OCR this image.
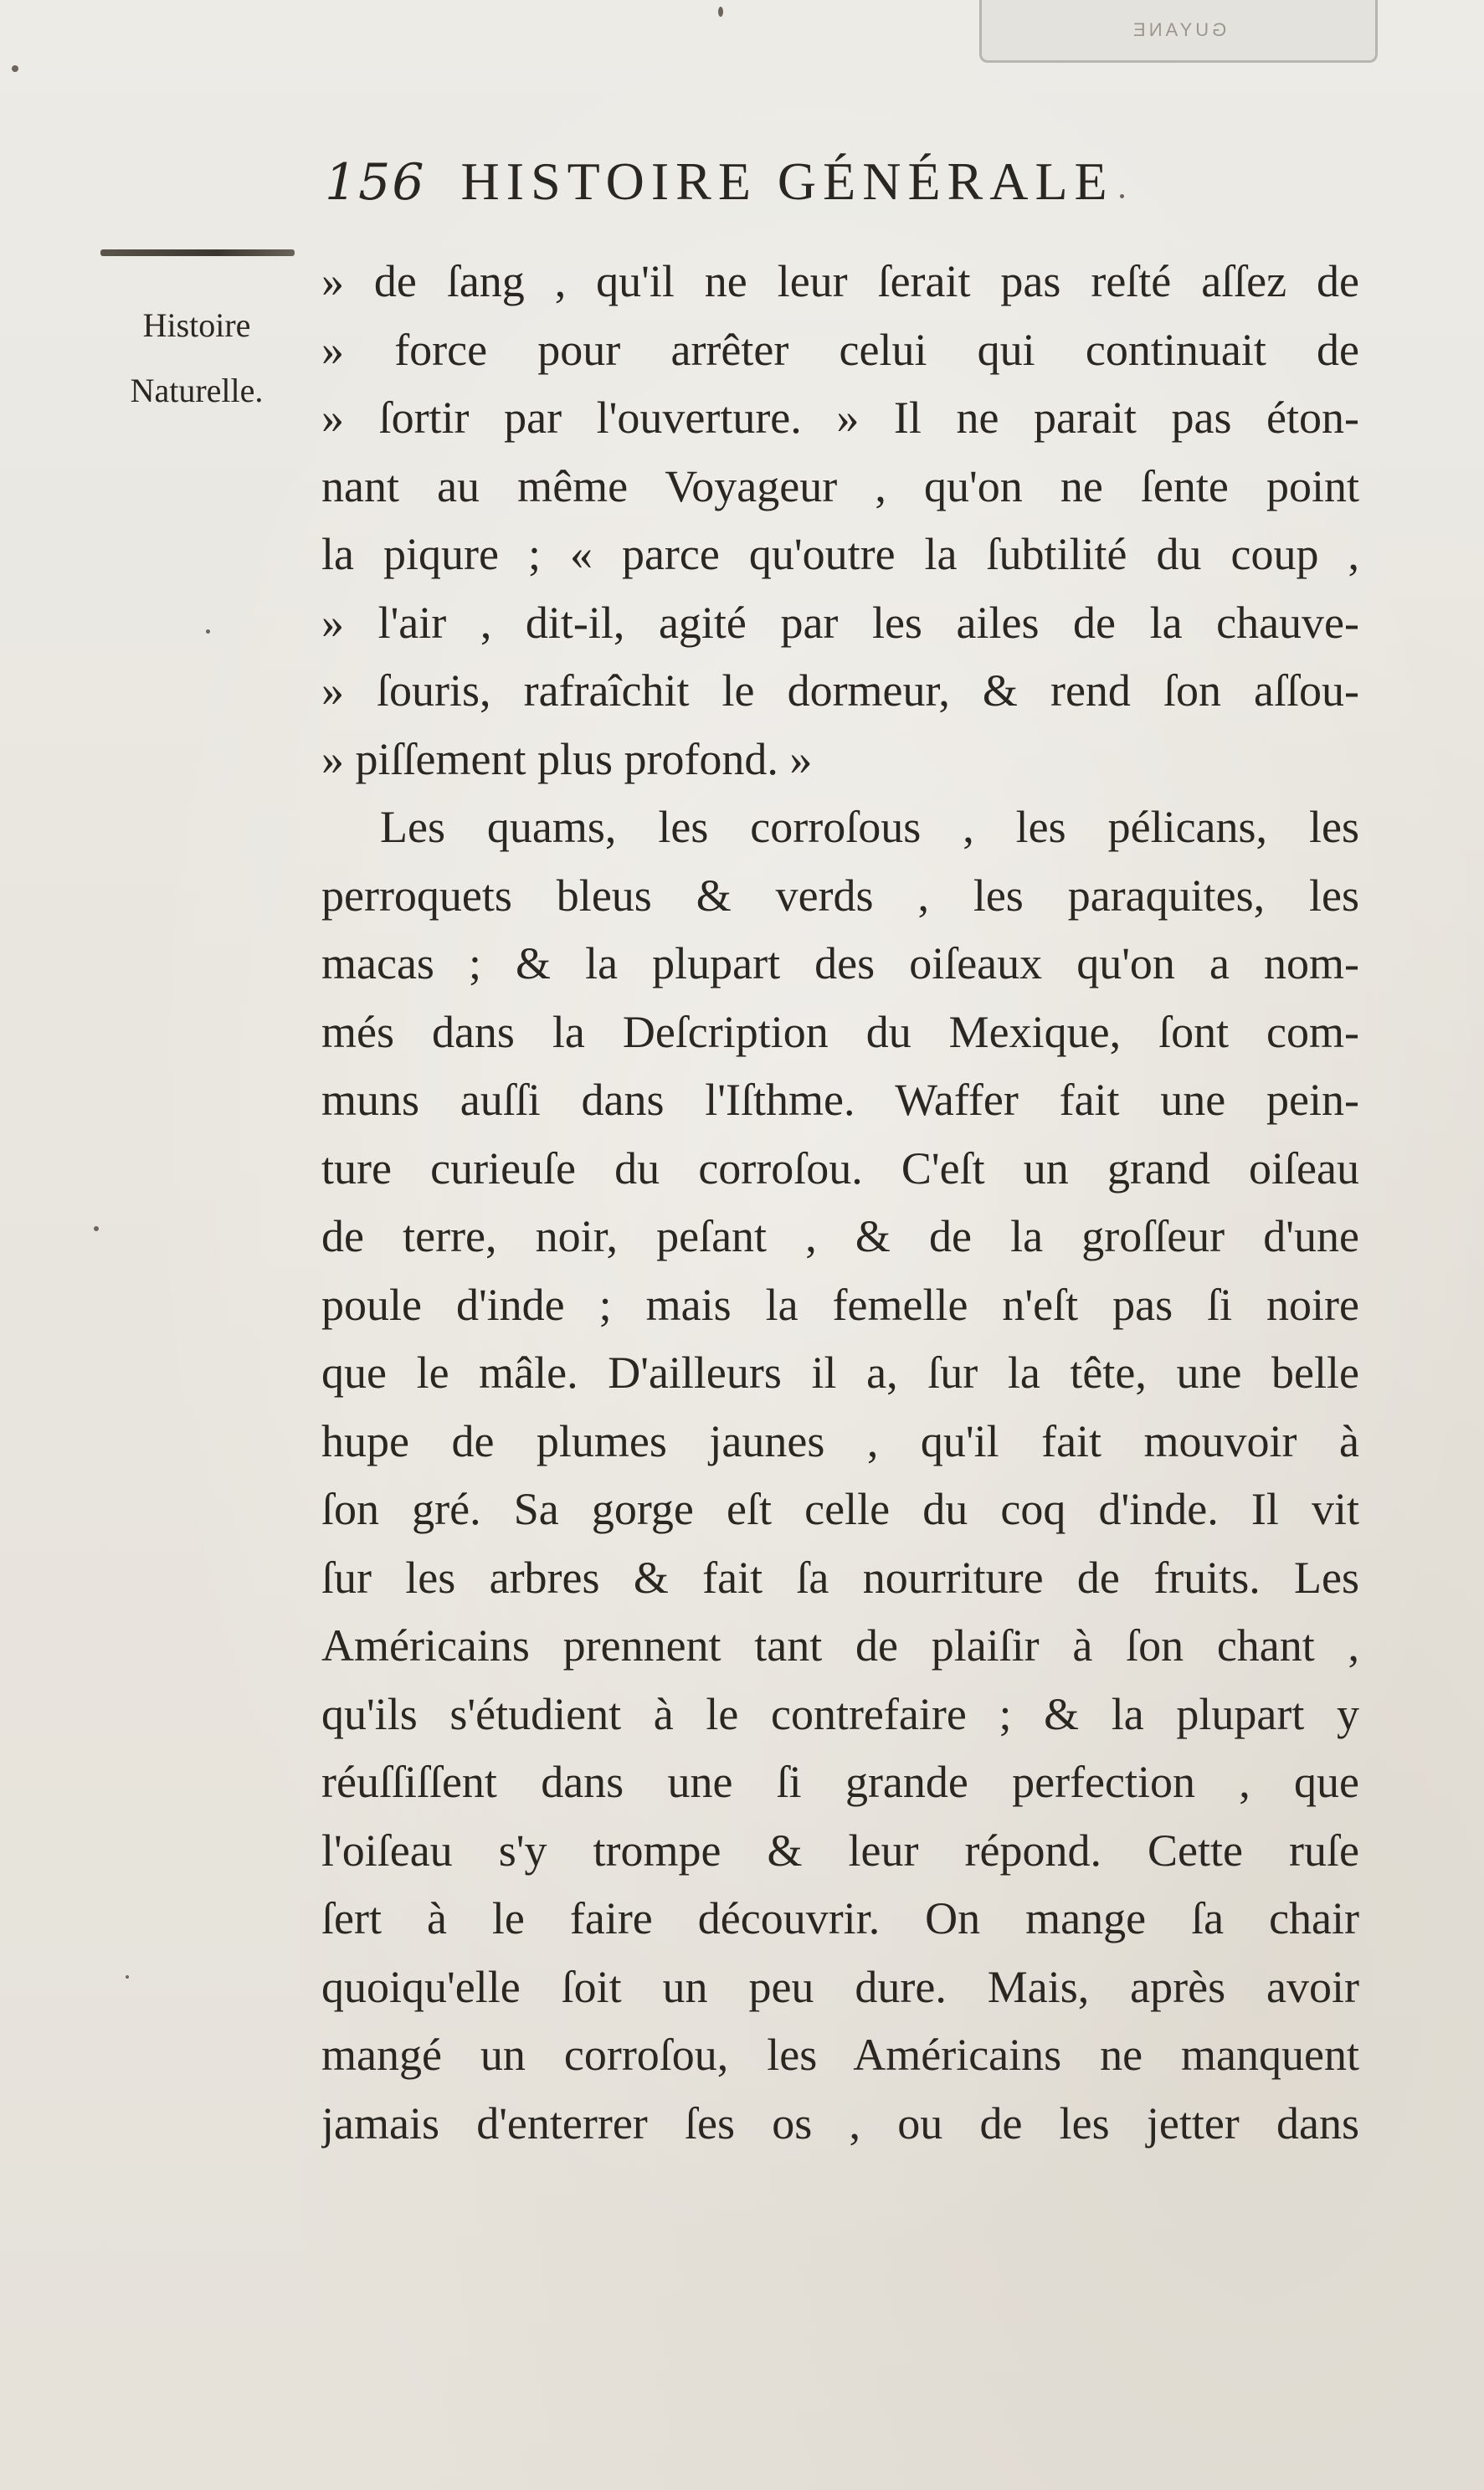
GUYANE
156 HISTOIRE GÉNÉRALE
Histoire
Naturelle.
» de ſang , qu'il ne leur ſerait pas reſté aſſez de
» force pour arrêter celui qui continuait de
» ſortir par l'ouverture. » Il ne parait pas éton-
nant au même Voyageur , qu'on ne ſente point
la piqure ; « parce qu'outre la ſubtilité du coup ,
» l'air , dit-il, agité par les ailes de la chauve-
» ſouris, rafraîchit le dormeur, & rend ſon aſſou-
» piſſement plus profond. »
Les quams, les corroſous , les pélicans, les
perroquets bleus & verds , les paraquites, les
macas ; & la plupart des oiſeaux qu'on a nom-
més dans la Deſcription du Mexique, ſont com-
muns auſſi dans l'Iſthme. Waffer fait une pein-
ture curieuſe du corroſou. C'eſt un grand oiſeau
de terre, noir, peſant , & de la groſſeur d'une
poule d'inde ; mais la femelle n'eſt pas ſi noire
que le mâle. D'ailleurs il a, ſur la tête, une belle
hupe de plumes jaunes , qu'il fait mouvoir à
ſon gré. Sa gorge eſt celle du coq d'inde. Il vit
ſur les arbres & fait ſa nourriture de fruits. Les
Américains prennent tant de plaiſir à ſon chant ,
qu'ils s'étudient à le contrefaire ; & la plupart y
réuſſiſſent dans une ſi grande perfection , que
l'oiſeau s'y trompe & leur répond. Cette ruſe
ſert à le faire découvrir. On mange ſa chair
quoiqu'elle ſoit un peu dure. Mais, après avoir
mangé un corroſou, les Américains ne manquent
jamais d'enterrer ſes os , ou de les jetter dans
